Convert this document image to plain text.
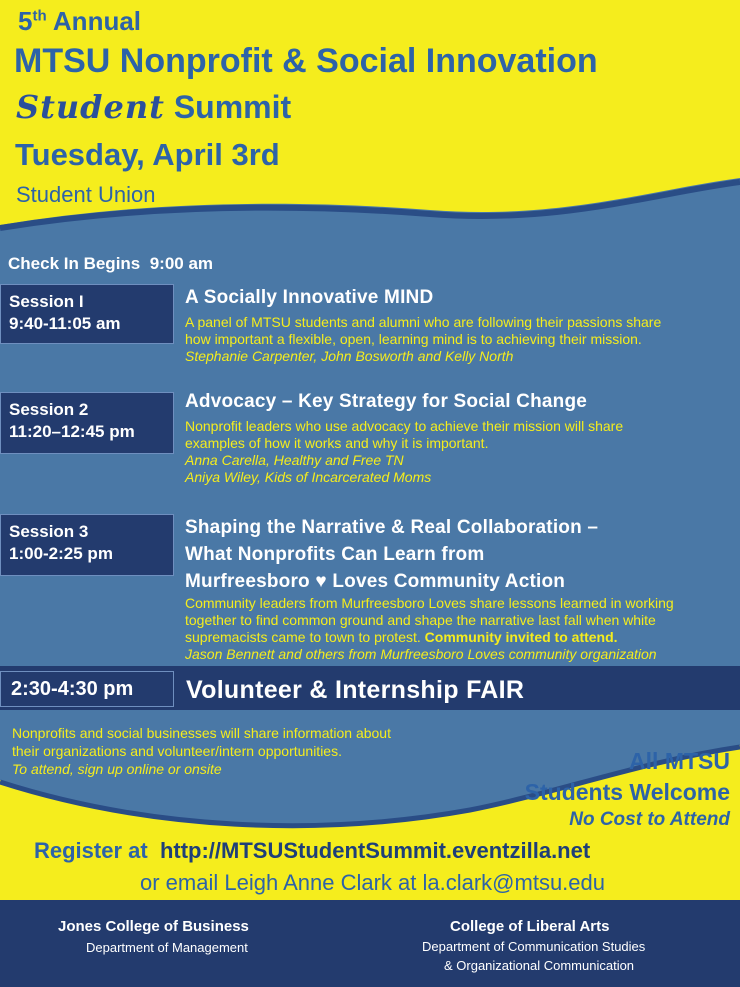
5th Annual
MTSU Nonprofit & Social Innovation
Student Summit
Tuesday, April 3rd
Student Union
Check In Begins 9:00 am
Session I
9:40-11:05 am
A Socially Innovative MIND
A panel of MTSU students and alumni who are following their passions share
how important a flexible, open, learning mind is to achieving their mission.
Stephanie Carpenter, John Bosworth and Kelly North
Session 2
11:20–12:45 pm
Advocacy – Key Strategy for Social Change
Nonprofit leaders who use advocacy to achieve their mission will share
examples of how it works and why it is important.
Anna Carella, Healthy and Free TN
Aniya Wiley, Kids of Incarcerated Moms
Session 3
1:00-2:25 pm
Shaping the Narrative & Real Collaboration –
What Nonprofits Can Learn from
Murfreesboro ♥ Loves Community Action
Community leaders from Murfreesboro Loves share lessons learned in working
together to find common ground and shape the narrative last fall when white
supremacists came to town to protest. Community invited to attend.
Jason Bennett and others from Murfreesboro Loves community organization
2:30-4:30 pm	Volunteer & Internship FAIR
Nonprofits and social businesses will share information about
their organizations and volunteer/intern opportunities.
To attend, sign up online or onsite	All MTSU
Students Welcome
No Cost to Attend
Register at http://MTSUStudentSummit.eventzilla.net
or email Leigh Anne Clark at la.clark@mtsu.edu
Jones College of Business
Department of Management
College of Liberal Arts
Department of Communication Studies
& Organizational Communication
